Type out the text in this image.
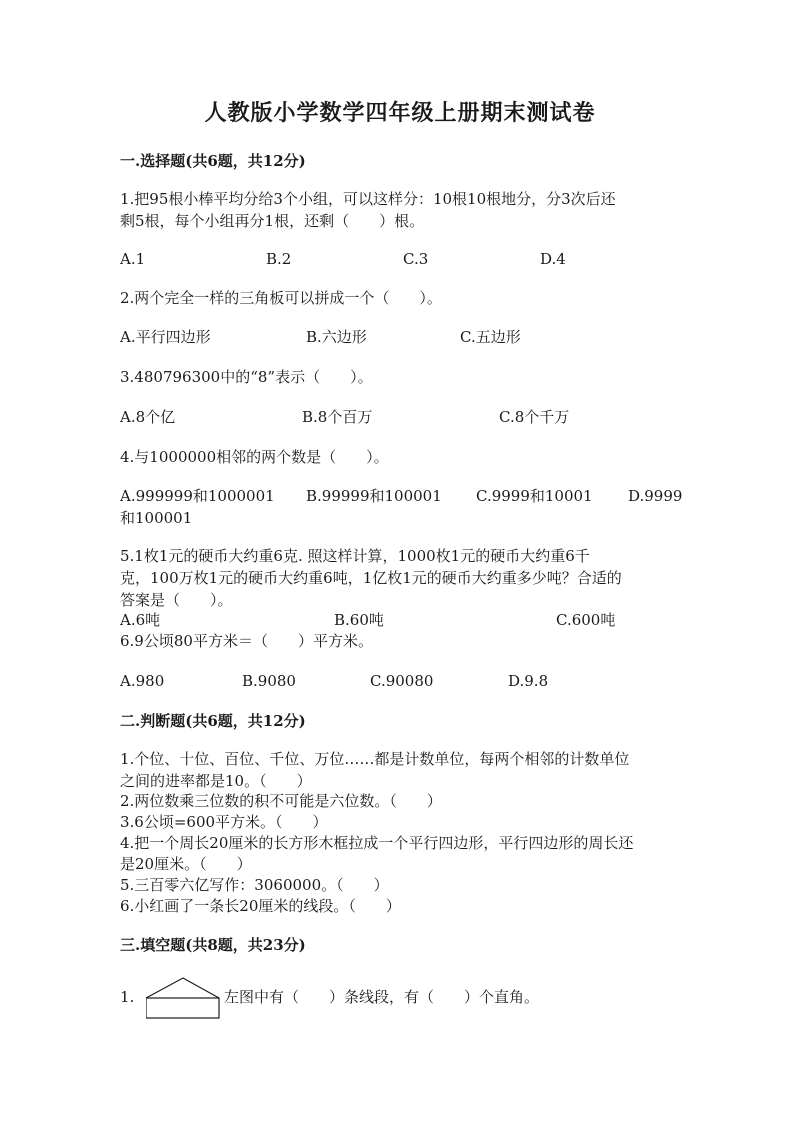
人教版小学数学四年级上册期末测试卷
一.选择题(共6题，共12分)
1.把95根小棒平均分给3个小组，可以这样分：10根10根地分，分3次后还
剩5根，每个小组再分1根，还剩（　　）根。
A.1	B.2	C.3	D.4
2.两个完全一样的三角板可以拼成一个（　　）。
A.平行四边形	B.六边形	C.五边形
3.480796300中的“8”表示（　　）。
A.8个亿	B.8个百万	C.8个千万
4.与1000000相邻的两个数是（　　）。
A.999999和1000001 B.99999和100001 C.9999和10001 D.9999
和100001
5.1枚1元的硬币大约重6克. 照这样计算，1000枚1元的硬币大约重6千
克，100万枚1元的硬币大约重6吨，1亿枚1元的硬币大约重多少吨？合适的
答案是（　　）。
A.6吨	B.60吨	C.600吨
6.9公顷80平方米＝（　　）平方米。
A.980	B.9080	C.90080	D.9.8
二.判断题(共6题，共12分)
1.个位、十位、百位、千位、万位……都是计数单位，每两个相邻的计数单位
之间的进率都是10。（　　）
2.两位数乘三位数的积不可能是六位数。（　　）
3.6公顷=600平方米。（　　）
4.把一个周长20厘米的长方形木框拉成一个平行四边形，平行四边形的周长还
是20厘米。（　　）
5.三百零六亿写作：3060000。（　　）
6.小红画了一条长20厘米的线段。（　　）
三.填空题(共8题，共23分)
1.	左图中有（　　）条线段，有（　　）个直角。
